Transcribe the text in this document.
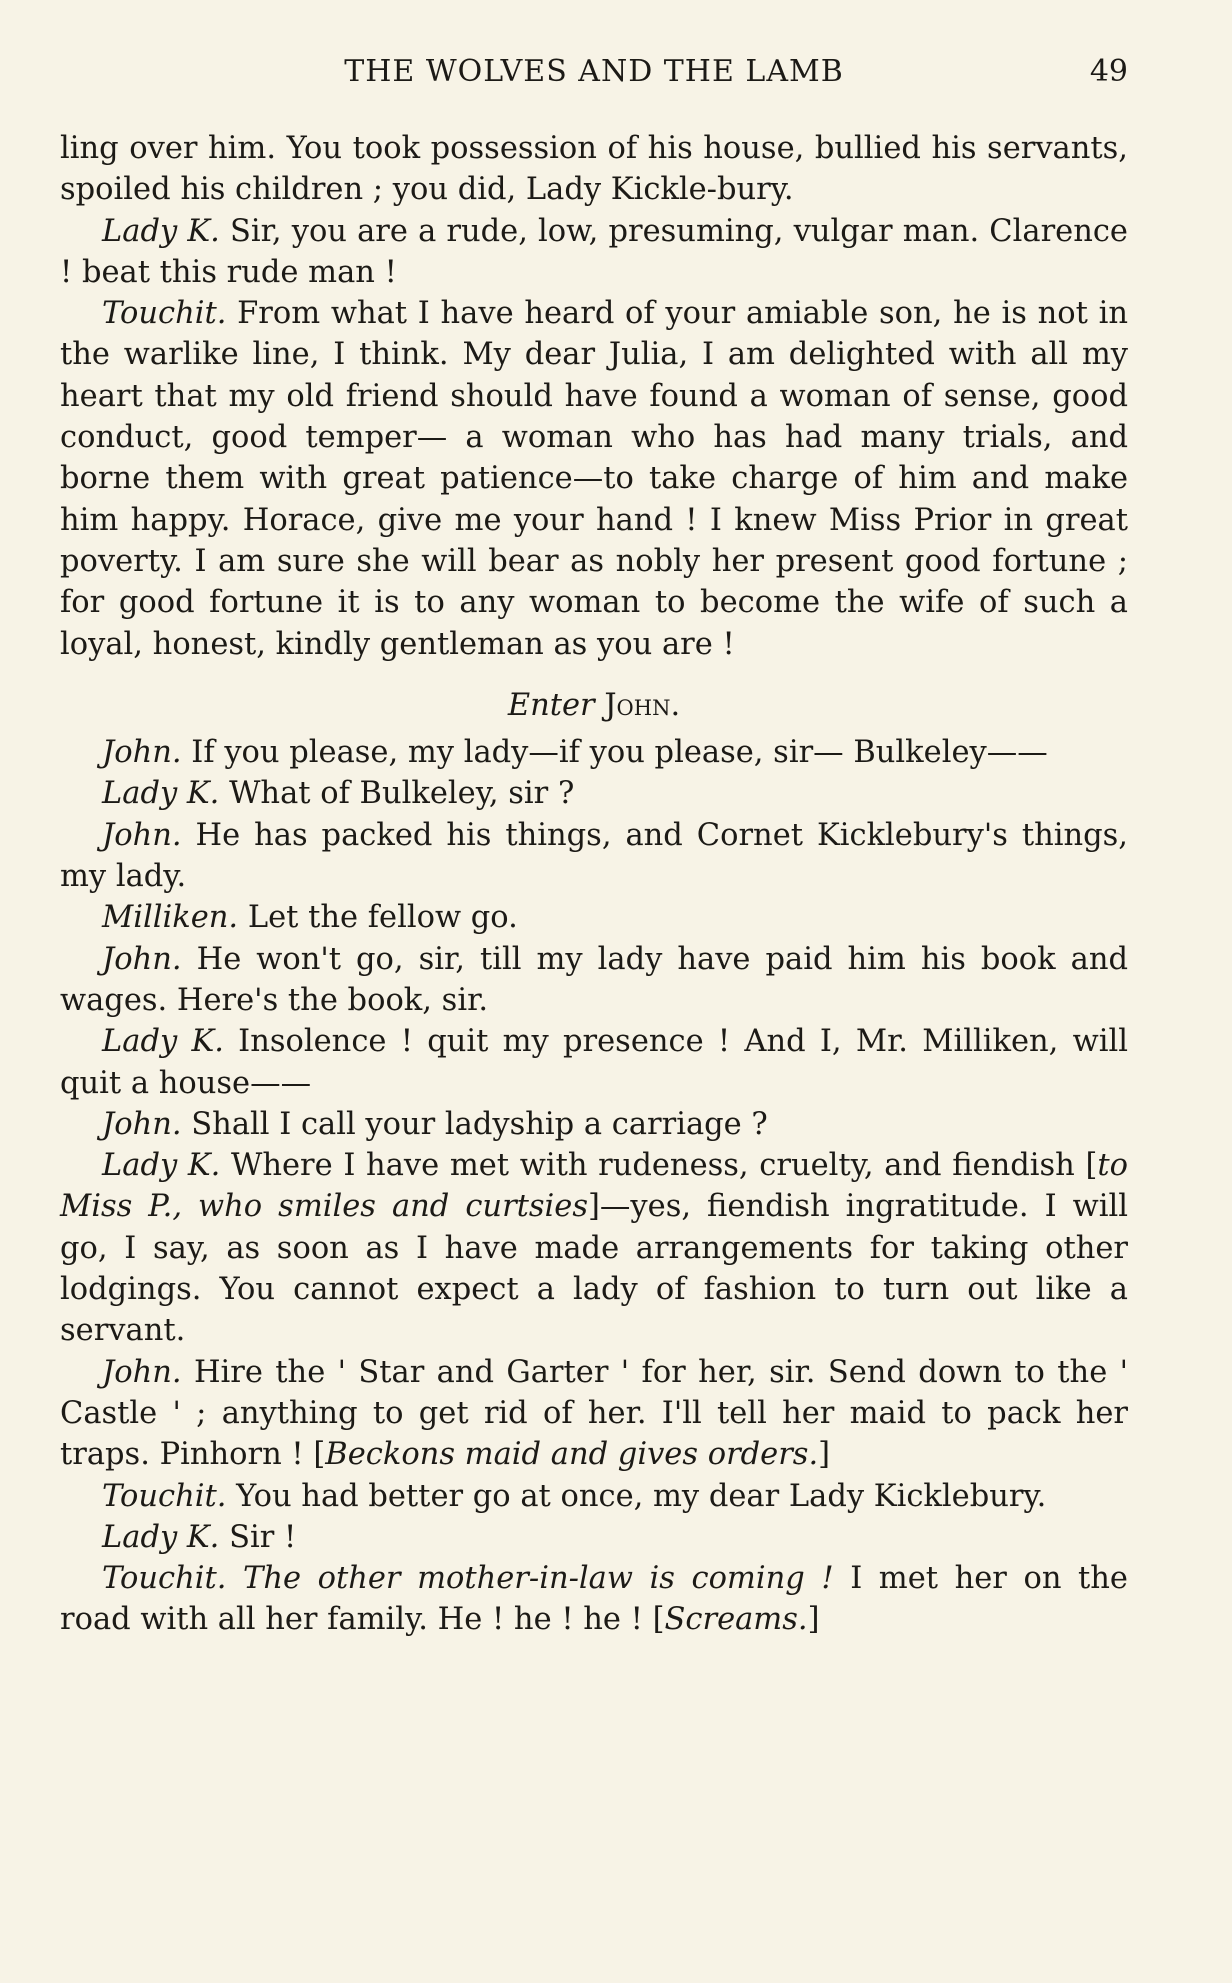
THE WOLVES AND THE LAMB	49

ling over him. You took possession of his house, bullied his servants, spoiled his children ; you did, Lady Kickle-bury.

Lady K. Sir, you are a rude, low, presuming, vulgar man. Clarence ! beat this rude man !

Touchit. From what I have heard of your amiable son, he is not in the warlike line, I think. My dear Julia, I am delighted with all my heart that my old friend should have found a woman of sense, good conduct, good temper— a woman who has had many trials, and borne them with great patience—to take charge of him and make him happy. Horace, give me your hand ! I knew Miss Prior in great poverty. I am sure she will bear as nobly her present good fortune ; for good fortune it is to any woman to become the wife of such a loyal, honest, kindly gentleman as you are !

Enter John.

John. If you please, my lady—if you please, sir— Bulkeley——

Lady K. What of Bulkeley, sir ?

John. He has packed his things, and Cornet Kicklebury's things, my lady.

Milliken. Let the fellow go.

John. He won't go, sir, till my lady have paid him his book and wages. Here's the book, sir.

Lady K. Insolence ! quit my presence ! And I, Mr. Milliken, will quit a house——

John. Shall I call your ladyship a carriage ?

Lady K. Where I have met with rudeness, cruelty, and fiendish [to Miss P., who smiles and curtsies]—yes, fiendish ingratitude. I will go, I say, as soon as I have made arrangements for taking other lodgings. You cannot expect a lady of fashion to turn out like a servant.

John. Hire the ' Star and Garter ' for her, sir. Send down to the ' Castle ' ; anything to get rid of her. I'll tell her maid to pack her traps. Pinhorn ! [Beckons maid and gives orders.]

Touchit. You had better go at once, my dear Lady Kicklebury.

Lady K. Sir !

Touchit. The other mother-in-law is coming ! I met her on the road with all her family. He ! he ! he ! [Screams.]
